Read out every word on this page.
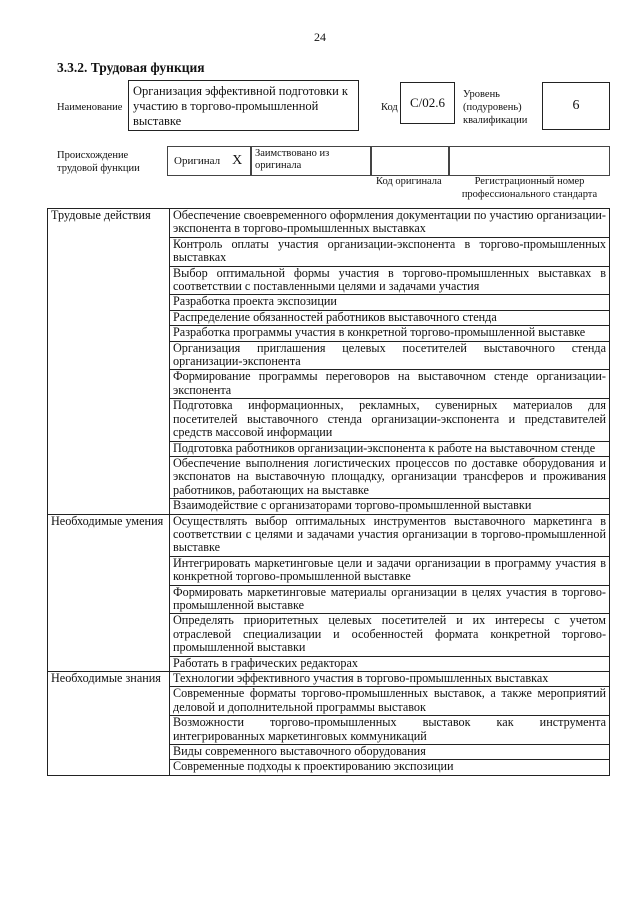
24
3.3.2. Трудовая функция
Наименование
Организация эффективной подготовки к участию в торгово-промышленной выставке
Код C/02.6
Уровень
(подуровень)
квалификации
6
Происхождение
трудовой функции
Оригинал X Заимствовано из
оригинала
Код оригинала	Регистрационный номер
профессионального стандарта
Трудовые действия	Обеспечение своевременного оформления документации по участию организации-экспонента в торгово-промышленных выставках
	Контроль оплаты участия организации-экспонента в торгово-промышленных выставках
	Выбор оптимальной формы участия в торгово-промышленных выставках в соответствии с поставленными целями и задачами участия
	Разработка проекта экспозиции
	Распределение обязанностей работников выставочного стенда
	Разработка программы участия в конкретной торгово-промышленной выставке
	Организация приглашения целевых посетителей выставочного стенда организации-экспонента
	Формирование программы переговоров на выставочном стенде организации-экспонента
	Подготовка информационных, рекламных, сувенирных материалов для посетителей выставочного стенда организации-экспонента и представителей средств массовой информации
	Подготовка работников организации-экспонента к работе на выставочном стенде
	Обеспечение выполнения логистических процессов по доставке оборудования и экспонатов на выставочную площадку, организации трансферов и проживания работников, работающих на выставке
	Взаимодействие с организаторами торгово-промышленной выставки
Необходимые умения	Осуществлять выбор оптимальных инструментов выставочного маркетинга в соответствии с целями и задачами участия организации в торгово-промышленной выставке
	Интегрировать маркетинговые цели и задачи организации в программу участия в конкретной торгово-промышленной выставке
	Формировать маркетинговые материалы организации в целях участия в торгово-промышленной выставке
	Определять приоритетных целевых посетителей и их интересы с учетом отраслевой специализации и особенностей формата конкретной торгово-промышленной выставки
	Работать в графических редакторах
Необходимые знания	Технологии эффективного участия в торгово-промышленных выставках
	Современные форматы торгово-промышленных выставок, а также мероприятий деловой и дополнительной программы выставок
	Возможности торгово-промышленных выставок как инструмента интегрированных маркетинговых коммуникаций
	Виды современного выставочного оборудования
	Современные подходы к проектированию экспозиции
